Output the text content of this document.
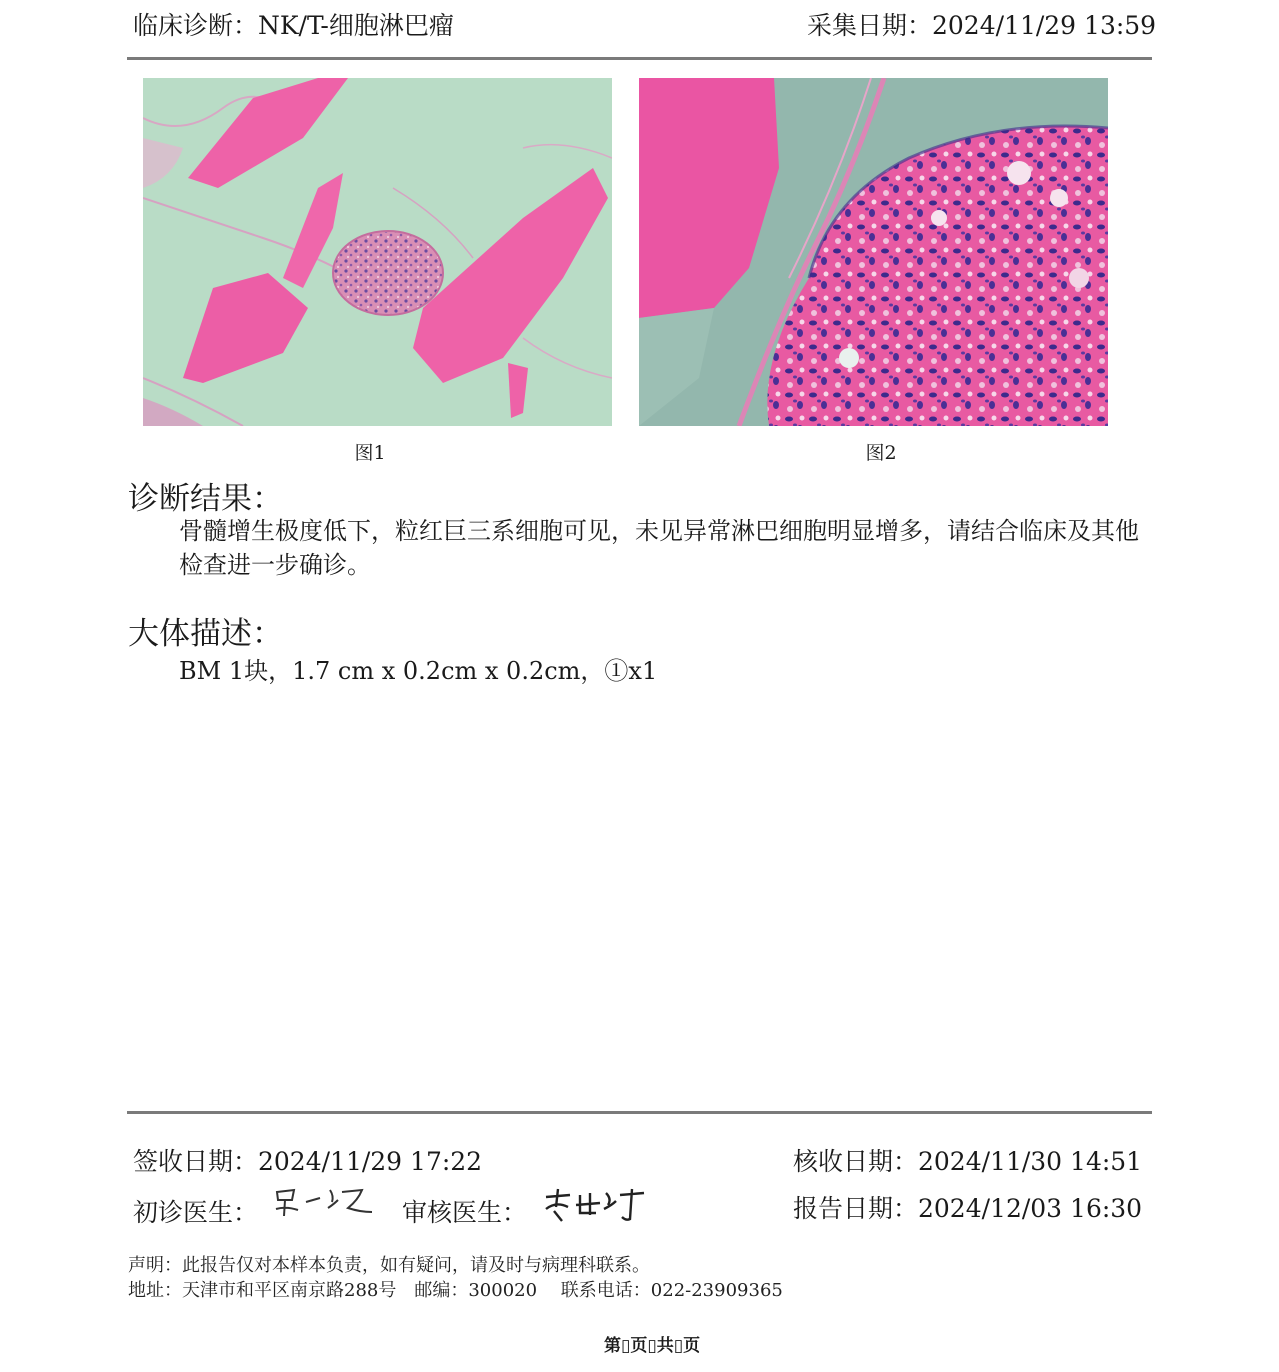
临床诊断：NK/T-细胞淋巴瘤	采集日期：2024/11/29 13:59
图1	图2
诊断结果：
骨髓增生极度低下，粒红巨三系细胞可见，未见异常淋巴细胞明显增多，请结合临床及其他检查进一步确诊。
大体描述：
BM 1块，1.7 cm x 0.2cm x 0.2cm，①x1
签收日期：2024/11/29 17:22	核收日期：2024/11/30 14:51
初诊医生：	审核医生：	报告日期：2024/12/03 16:30
声明：此报告仅对本样本负责，如有疑问，请及时与病理科联系。
地址：天津市和平区南京路288号　邮编：300020　 联系电话：022-23909365
第▯页▯共▯页
